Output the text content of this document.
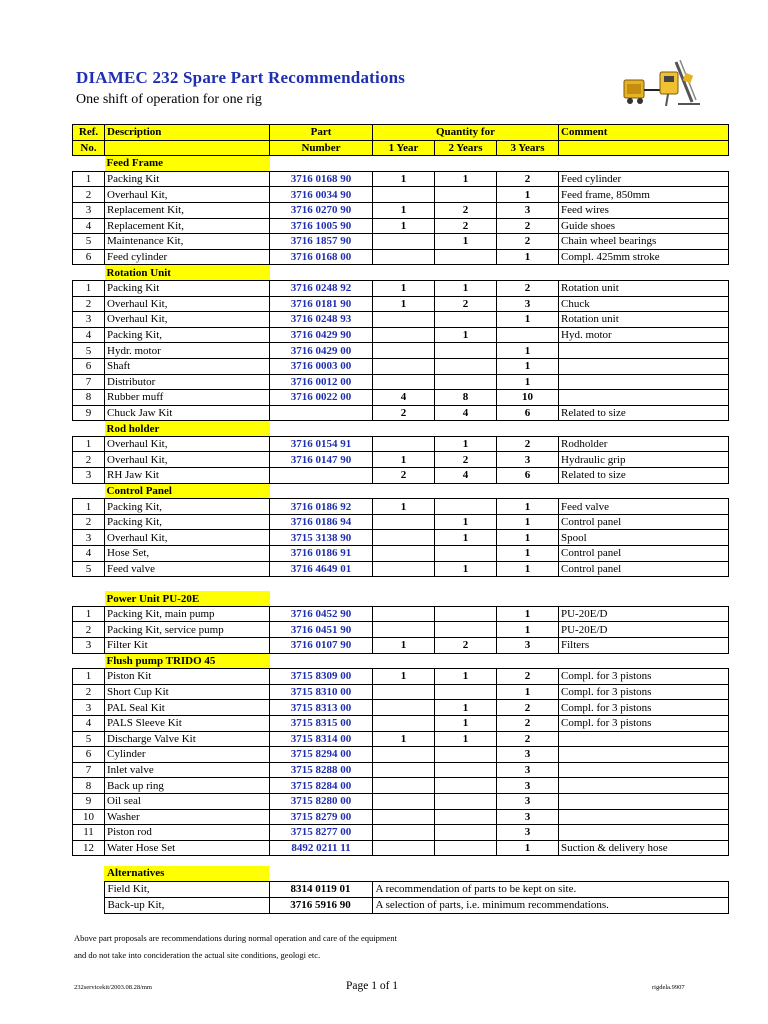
DIAMEC 232 Spare Part Recommendations
One shift of operation for one rig
Ref.	Description	Part	Quantity for			Comment
No.		Number	1 Year	2 Years	3 Years	
	Feed Frame					
1	Packing Kit	3716 0168 90	1	1	2	Feed cylinder
2	Overhaul Kit,	3716 0034 90			1	Feed frame, 850mm
3	Replacement Kit,	3716 0270 90	1	2	3	Feed wires
4	Replacement Kit,	3716 1005 90	1	2	2	Guide shoes
5	Maintenance Kit,	3716 1857 90		1	2	Chain wheel bearings
6	Feed cylinder	3716 0168 00			1	Compl. 425mm stroke
	Rotation Unit					
1	Packing Kit	3716 0248 92	1	1	2	Rotation unit
2	Overhaul Kit,	3716 0181 90	1	2	3	Chuck
3	Overhaul Kit,	3716 0248 93			1	Rotation unit
4	Packing Kit,	3716 0429 90		1		Hyd. motor
5	Hydr. motor	3716 0429 00			1	
6	Shaft	3716 0003 00			1	
7	Distributor	3716 0012 00			1	
8	Rubber muff	3716 0022 00	4	8	10	
9	Chuck Jaw Kit		2	4	6	Related to size
	Rod holder					
1	Overhaul Kit,	3716 0154 91		1	2	Rodholder
2	Overhaul Kit,	3716 0147 90	1	2	3	Hydraulic grip
3	RH Jaw Kit		2	4	6	Related to size
	Control Panel					
1	Packing Kit,	3716 0186 92	1		1	Feed valve
2	Packing Kit,	3716 0186 94		1	1	Control panel
3	Overhaul Kit,	3715 3138 90		1	1	Spool
4	Hose Set,	3716 0186 91			1	Control panel
5	Feed valve	3716 4649 01		1	1	Control panel

	Power Unit PU-20E					
1	Packing Kit, main pump	3716 0452 90			1	PU-20E/D
2	Packing Kit, service pump	3716 0451 90			1	PU-20E/D
3	Filter Kit	3716 0107 90	1	2	3	Filters
	Flush pump TRIDO 45					
1	Piston Kit	3715 8309 00	1	1	2	Compl. for 3 pistons
2	Short Cup Kit	3715 8310 00			1	Compl. for 3 pistons
3	PAL Seal Kit	3715 8313 00		1	2	Compl. for 3 pistons
4	PALS Sleeve Kit	3715 8315 00		1	2	Compl. for 3 pistons
5	Discharge Valve Kit	3715 8314 00	1	1	2	
6	Cylinder	3715 8294 00			3	
7	Inlet valve	3715 8288 00			3	
8	Back up ring	3715 8284 00			3	
9	Oil seal	3715 8280 00			3	
10	Washer	3715 8279 00			3	
11	Piston rod	3715 8277 00			3	
12	Water Hose Set	8492 0211 11			1	Suction & delivery hose
	Alternatives		
	Field Kit,	8314 0119 01	A recommendation of parts to be kept on site.
	Back-up Kit,	3716 5916 90	A selection of parts, i.e. minimum recommendations.
Above part proposals are recommendations during normal operation and care of the equipment
and do not take into concideration the actual site conditions, geologi etc.
232servicekit/2003.08.28/mm	Page 1 of 1	rigdela.9907
